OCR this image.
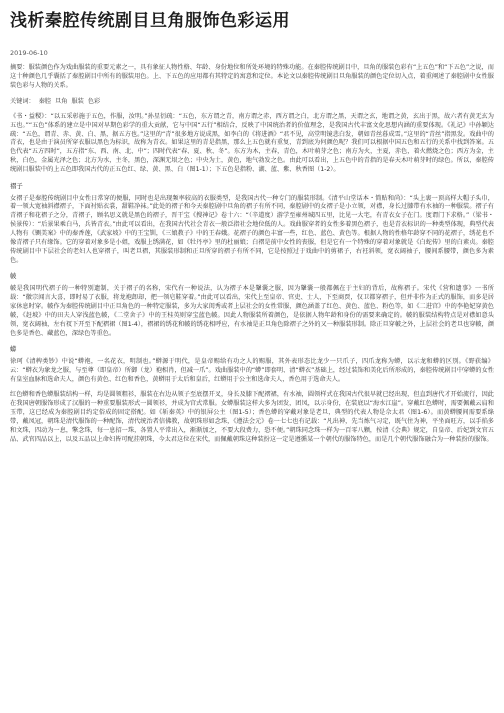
浅析秦腔传统剧目旦角服饰色彩运用
2019-06-10

摘要：服装颜色作为戏曲服装的重要元素之一，具有象征人物性格、年龄、身份地位和所处环境的特殊功能。在秦腔传统剧目中，旦角的服装色彩有“上五色”和“下五色”之说，而这十种颜色几乎囊括了秦腔剧目中所有的服装用色。上、下五色的应用都有其特定的寓意和定位。本论文以秦腔传统剧目旦角服装的颜色定位切入点，着重阐述了秦腔剧中女性服装色彩与人物的关系。

关键词： 秦腔 旦角 服装 色彩

《书・益稷》：“以五采彰施于五色，作服，汝明。”孙星衍疏：“五色，东方谓之青，南方谓之赤，西方谓之白，北方谓之黑，天谓之玄，地谓之黄，玄出于黑，故六者有黄无玄为五也。”“五色”体系的建立是中国对早期色彩学的重大贡献，它与中国“五行”相结合，反映了中国统治者的价值理念，是我国古代丰富文化思想内涵的重要体现。《礼记》中孙颖达疏：“五色，谓青、赤、黄、白、黑，据五方也。”这里的“青”很多地方说成黑，如李白的《将进酒》“君不见，高堂明镜悲白发，朝如青丝暮成雪。”这里的“青丝”指黑发。戏曲中的青衣，也是由于演员所穿衣服以黑色为标识，故称为青衣。如果这里的青是指黑，那么上五色就有重复，青到底为何颜色呢？我们可以根据中国五色和五行的关系中找到答案。五色代表“五方四时”，五方指“东、西、南、北、中”；四时代表“春、夏、秋、冬”。东方为木，主春，青色，木叶萌芽之色；南方为火，主夏，赤色，着火燃烧之色；西方为金，主秋，白色，金属光泽之色；北方为水，主冬，黑色，深渊无垠之色；中央为土，黄色，地气勃发之色。由此可以看出，上五色中的青指的是春天木叶萌芽时的绿色。所以，秦腔传统剧目服装中的上五色即我国古代的正五色红、绿、黄、黑、白（图1-1）；下五色是指粉、湖、蓝、紫、秋香图（1-2）。

褶子

女褶子是秦腔传统剧目中女性日常穿的便服，同时也是出现频率较高的衣服类型，是我国古代一种专门的服装形制。《清平山堂话本・简贴和尚》：“头上裹一顶高样大帽子头巾，着一领大宽袖斜襟褶子，下面衬贴衣裳，甜鞋净袜。”此处的褶子和今天秦腔剧中旦角的褶子有所不同，秦腔剧中的女褶子是小立领，对襟，身长过膝带有水袖的一种服装。褶子有青褶子和花褶子之分，青褶子，顾名思义就是黑色的褶子，晋干宝《搜神记》卷十六：“（辛道度）游学至雍州城四五里，比见一大宅，有青衣女子在门。度谓门下求格。”（梁书・侯景传）：“后景果乘白马，兵皆青衣。”由此可以看出，在我国古代社会青衣一般泛指社会地位低的人。戏曲服穿者的女性多着黑色褶子，也是青衣标识的一种类型体现，典型代表人物有《铡美案》中的秦香莲，《武家坡》中的王宝钏，《三娘教子》中的王春娥。花褶子的颜色丰富一些，红色、蓝色、黄色等。根据人物的性格年龄穿不同的花褶子，绣花也不像青褶子只有缘饰。它的穿着对象多是小姐，戏服上绣满花，如《牡丹亭》里的杜丽娘；白褶是前中女性的丧服，但是它有一个特殊的穿着对象就是《白蛇传》里的白素贞。秦腔传统剧目中下层社会的老妇人也穿褶子，叫老旦褶，其服装形制和正旦所穿的褶子有所不同，它是按照过于戏曲中的剪裙子，右衽斜领，宽衣阔袖子，腰间系腰带，颜色多为素色。

帔

帔是我国明代褶子的一种特别遗制，关于褶子的名称，宋代有一种说法，认为褶子本是鞶囊之服，因为鞶囊一般都佩在于主妇的背后，故称褶子。宋代《营和遗事》一书所载：“徽宗闻言大喜，即时易了衣服，将龙袍卸却，把一领皂鞋穿着。”由此可以看出，宋代上至皇帝、官吏、士人，下至商贾，仅卫都穿褶子，但并非作为正式的服饰，而多是居家休息时穿。帔作为秦腔传统剧目中正旦角色的一种特定服装，多为大家闺秀或者上层社会的女性常服，颜色涵盖了红色、黄色、蓝色、粉色等，如《二进宫》中的李艳妃穿黄色帔，《赶坡》中的田夫人穿浅蓝色帔，《二堂舍子》中的王桂英则穿宝蓝色帔。因此人物服装所着颜色，是依据人物年龄和身份的需要来确定的。帔的服装结构特点是对襟如意头领，宽衣阔袖，左右衩下开至下配褶裙（图1-4），褶裙的绣花和帔的绣花相呼应，有水袖是正旦角色除褶子之外的又一种服装形制。除正旦穿帔之外，上层社会的老旦也穿帔，颜色多是香色、藏蓝色，深绿色等重色。

蟒

徐珂《清稗类钞》中说“蟒袍，一名花衣，明制也。”蟒源于明代，是皇帝赐给有功之人的赐服，其外表形态比龙少一只爪子，四爪龙称为蟒，以示龙和蟒的区别。《野获编》云：“蟒衣为象龙之服，与至尊（即皇帝）所御（龙）袍相肖，但减一爪”。戏曲服装中的“蟒”即套明、清“蟒衣”基础上，经过装饰和美化后所形成的，秦腔传统剧目中穿蟒的女性有皇室血脉和选命夫人，颜色有黄色、红色和香色，黄蟒用于太后和皇后，红蟒用于公主和选命夫人，香色用于选命夫人。

红色蟒和香色蟒服装结构一样，均是圆领粗衫，服装在右边从领子至底摆开叉，身长及膝下配褶裙，有水袖，圆领样式在我国古代很早就已经出现，但直到唐代才开始流行，因此在我国唐朝服饰形成了汉服的一种重要服装形式一圆领衫，并成为宫式常服。女蟒服装这样大多为团发，团凤，以示身份，在装底以“海水江崖”。穿戴红色蟒时，需要佩戴云肩和玉带，这已经成为秦腔剧目约定俗成的固定搭配。如《斩秦英》中的银屏公主（图1-5）；香色蟒的穿戴对象是老旦，典型的代表人物是佘太君（图1-6）。而黄蟒腰间需要系绦带，戴凤冠，朝珠是清代服饰的一种配饰，清代统治者信佛教，故朝珠形如念珠，《遵法会元》卷一七七也有记载：“凡出神，先当炼气习定，既气住为神，平坐面旺方，以手掐多和文珠，四动为一息，擎念珠，每一息招一珠，各置人平常出入，渐渐加之，不要大段费力，恐不便。”朝珠同念珠一样为一百零八颗，按清《会典》规定，自皇帝、后妃到文官五品、武官四品以上，以及五品以上命妇皆可配挂朝珠，今太君这位在宋代，而佩戴朝珠这种装扮这一定是遵循某一个朝代的服饰特色，而是几个朝代服饰融合为一种装扮的服饰。
